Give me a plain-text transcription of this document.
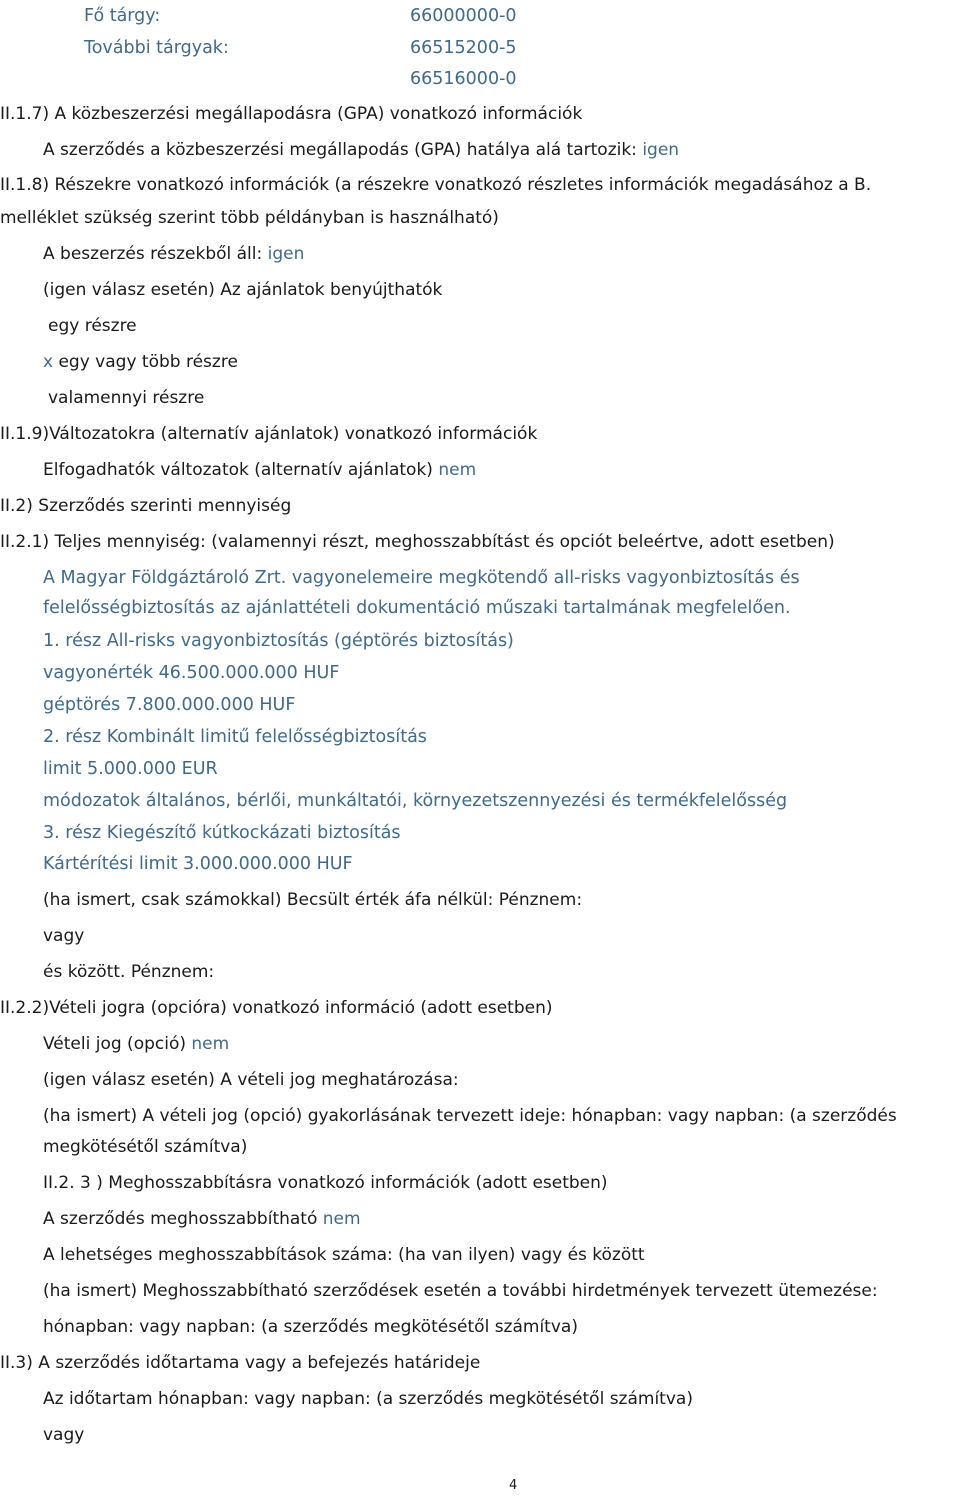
Fő tárgy:	66000000-0
További tárgyak:	66515200-5
66516000-0
II.1.7) A közbeszerzési megállapodásra (GPA) vonatkozó információk
A szerződés a közbeszerzési megállapodás (GPA) hatálya alá tartozik: igen
II.1.8) Részekre vonatkozó információk (a részekre vonatkozó részletes információk megadásához a B.
melléklet szükség szerint több példányban is használható)
A beszerzés részekből áll: igen
(igen válasz esetén) Az ajánlatok benyújthatók
egy részre
x egy vagy több részre
valamennyi részre
II.1.9)Változatokra (alternatív ajánlatok) vonatkozó információk
Elfogadhatók változatok (alternatív ajánlatok) nem
II.2) Szerződés szerinti mennyiség
II.2.1) Teljes mennyiség: (valamennyi részt, meghosszabbítást és opciót beleértve, adott esetben)
A Magyar Földgáztároló Zrt. vagyonelemeire megkötendő all-risks vagyonbiztosítás és
felelősségbiztosítás az ajánlattételi dokumentáció műszaki tartalmának megfelelően.
1. rész All-risks vagyonbiztosítás (géptörés biztosítás)
vagyonérték 46.500.000.000 HUF
géptörés 7.800.000.000 HUF
2. rész Kombinált limitű felelősségbiztosítás
limit 5.000.000 EUR
módozatok általános, bérlői, munkáltatói, környezetszennyezési és termékfelelősség
3. rész Kiegészítő kútkockázati biztosítás
Kártérítési limit 3.000.000.000 HUF
(ha ismert, csak számokkal) Becsült érték áfa nélkül: Pénznem:
vagy
és között. Pénznem:
II.2.2)Vételi jogra (opcióra) vonatkozó információ (adott esetben)
Vételi jog (opció) nem
(igen válasz esetén) A vételi jog meghatározása:
(ha ismert) A vételi jog (opció) gyakorlásának tervezett ideje: hónapban: vagy napban: (a szerződés
megkötésétől számítva)
II.2. 3 ) Meghosszabbításra vonatkozó információk (adott esetben)
A szerződés meghosszabbítható nem
A lehetséges meghosszabbítások száma: (ha van ilyen) vagy és között
(ha ismert) Meghosszabbítható szerződések esetén a további hirdetmények tervezett ütemezése:
hónapban: vagy napban: (a szerződés megkötésétől számítva)
II.3) A szerződés időtartama vagy a befejezés határideje
Az időtartam hónapban: vagy napban: (a szerződés megkötésétől számítva)
vagy
4
